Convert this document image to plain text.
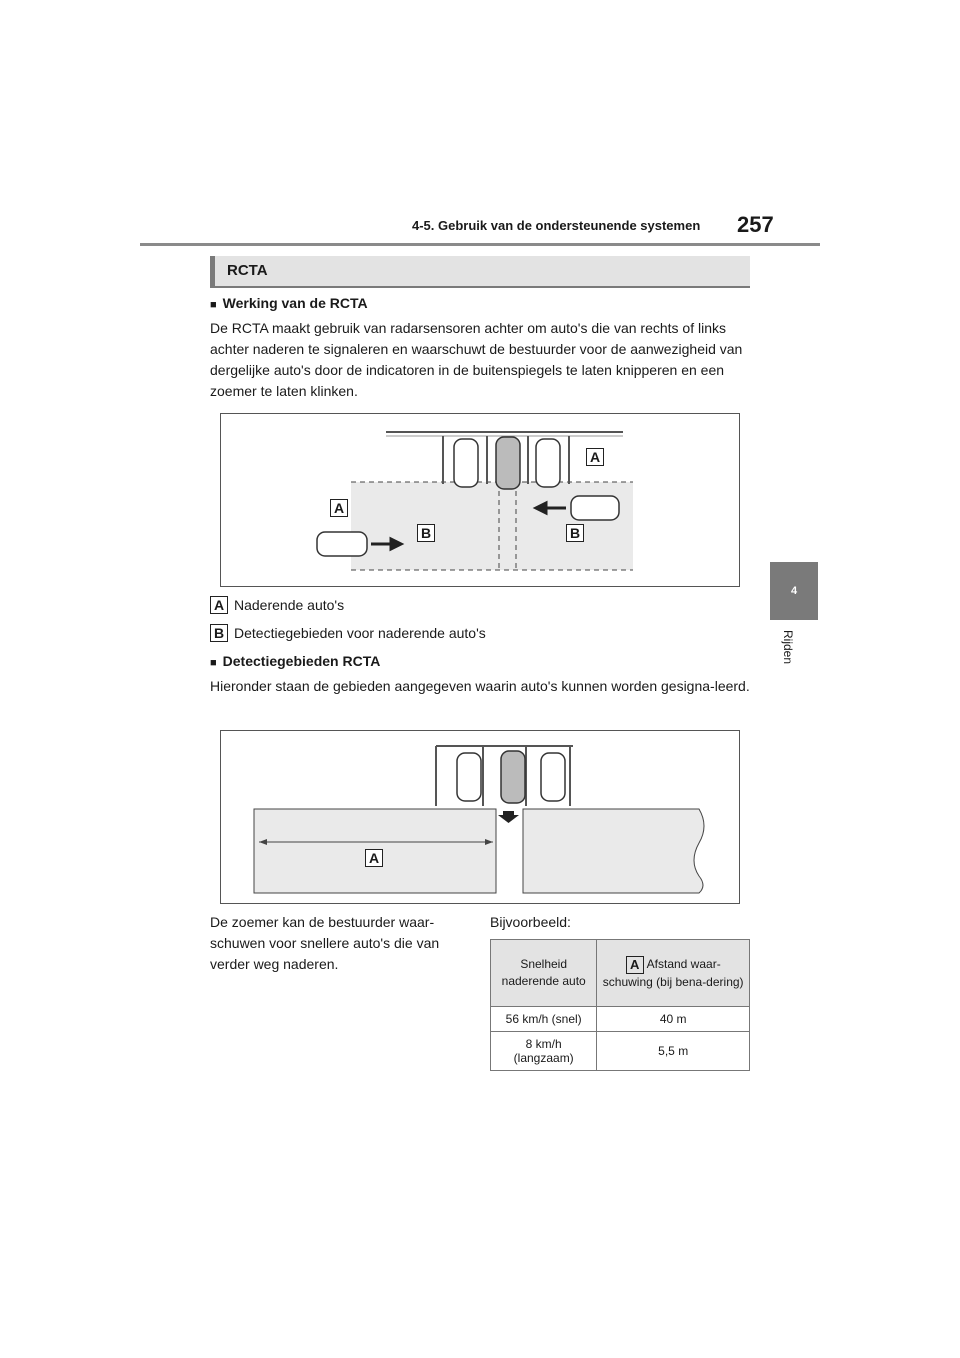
4-5. Gebruik van de ondersteunende systemen 257
4
Rijden
RCTA
■ Werking van de RCTA
De RCTA maakt gebruik van radarsensoren achter om auto's die van rechts of links achter naderen te signaleren en waarschuwt de bestuurder voor de aanwezigheid van dergelijke auto's door de indicatoren in de buitenspiegels te laten knipperen en een zoemer te laten klinken.
A
A
B	B
A Naderende auto's
B Detectiegebieden voor naderende auto's
■ Detectiegebieden RCTA
Hieronder staan de gebieden aangegeven waarin auto's kunnen worden gesigna-leerd.
A
De zoemer kan de bestuurder waar-schuwen voor snellere auto's die van verder weg naderen.
Bijvoorbeeld:
Snelheid naderende auto	A Afstand waar-schuwing (bij bena-dering)
56 km/h (snel)	40 m
8 km/h (langzaam)	5,5 m
